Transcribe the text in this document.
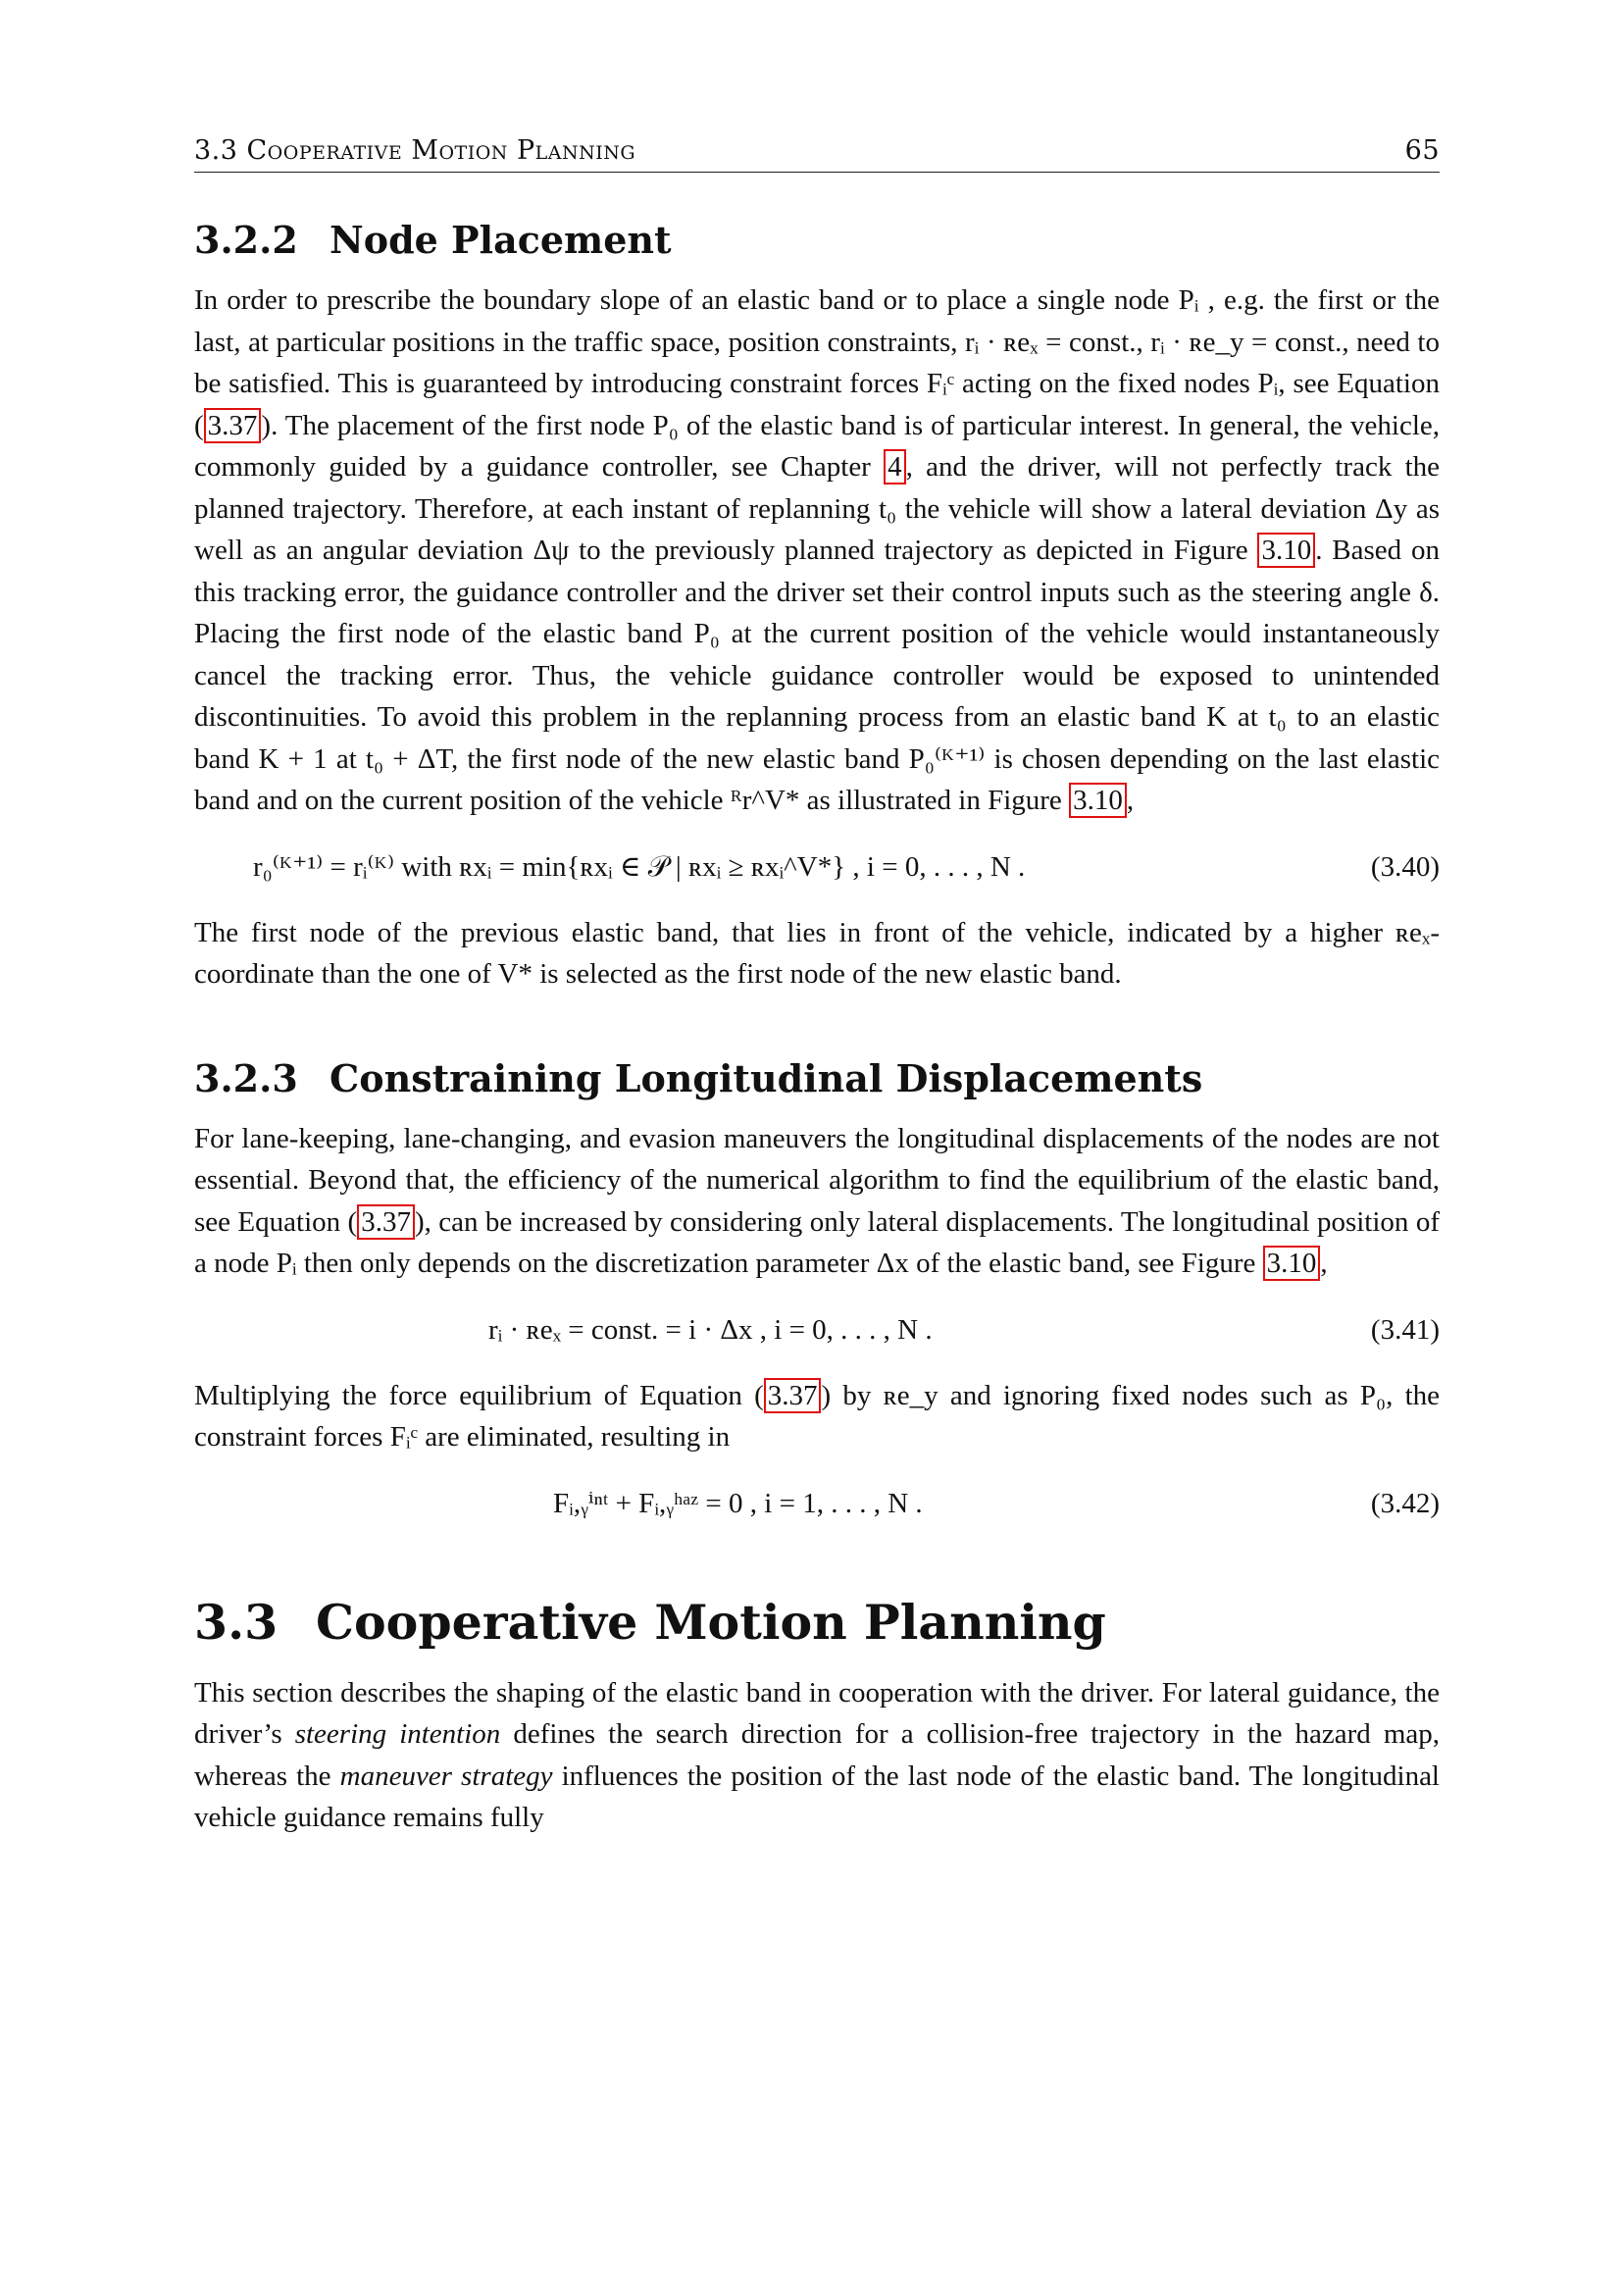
3.3 Cooperative Motion Planning	65
3.2.2 Node Placement

In order to prescribe the boundary slope of an elastic band or to place a single node Pᵢ , e.g. the first or the last, at particular positions in the traffic space, position constraints, rᵢ · ʀeₓ = const., rᵢ · ʀe_y = const., need to be satisfied. This is guaranteed by introducing constraint forces Fᵢᶜ acting on the fixed nodes Pᵢ, see Equation ( 3.37 ). The placement of the first node P₀ of the elastic band is of particular interest. In general, the vehicle, commonly guided by a guidance controller, see Chapter 4 , and the driver, will not perfectly track the planned trajectory. Therefore, at each instant of replanning t₀ the vehicle will show a lateral deviation Δy as well as an angular deviation Δψ to the previously planned trajectory as depicted in Figure 3.10 . Based on this tracking error, the guidance controller and the driver set their control inputs such as the steering angle δ. Placing the first node of the elastic band P₀ at the current position of the vehicle would instantaneously cancel the tracking error. Thus, the vehicle guidance controller would be exposed to unintended discontinuities. To avoid this problem in the replanning process from an elastic band K at t₀ to an elastic band K + 1 at t₀ + ΔT, the first node of the new elastic band P₀⁽ᴷ⁺¹⁾ is chosen depending on the last elastic band and on the current position of the vehicle ᴿr^V* as illustrated in Figure 3.10 ,

r₀⁽ᴷ⁺¹⁾ = rᵢ⁽ᴷ⁾ with ʀxᵢ = min{ʀxᵢ ∈ 𝒫 | ʀxᵢ ≥ ʀxᵢ^V*} , i = 0, . . . , N .	(3.40)

The first node of the previous elastic band, that lies in front of the vehicle, indicated by a higher ʀeₓ-coordinate than the one of V* is selected as the first node of the new elastic band.

3.2.3 Constraining Longitudinal Displacements

For lane-keeping, lane-changing, and evasion maneuvers the longitudinal displacements of the nodes are not essential. Beyond that, the efficiency of the numerical algorithm to find the equilibrium of the elastic band, see Equation ( 3.37 ), can be increased by considering only lateral displacements. The longitudinal position of a node Pᵢ then only depends on the discretization parameter Δx of the elastic band, see Figure 3.10 ,

rᵢ · ʀeₓ = const. = i · Δx , i = 0, . . . , N .	(3.41)

Multiplying the force equilibrium of Equation ( 3.37 ) by ʀe_y and ignoring fixed nodes such as P₀, the constraint forces Fᵢᶜ are eliminated, resulting in

Fᵢ,ᵧⁱⁿᵗ + Fᵢ,ᵧʰᵃᶻ = 0 , i = 1, . . . , N .	(3.42)
3.3 Cooperative Motion Planning

This section describes the shaping of the elastic band in cooperation with the driver. For lateral guidance, the driver’s steering intention defines the search direction for a collision-free trajectory in the hazard map, whereas the maneuver strategy influences the position of the last node of the elastic band. The longitudinal vehicle guidance remains fully
